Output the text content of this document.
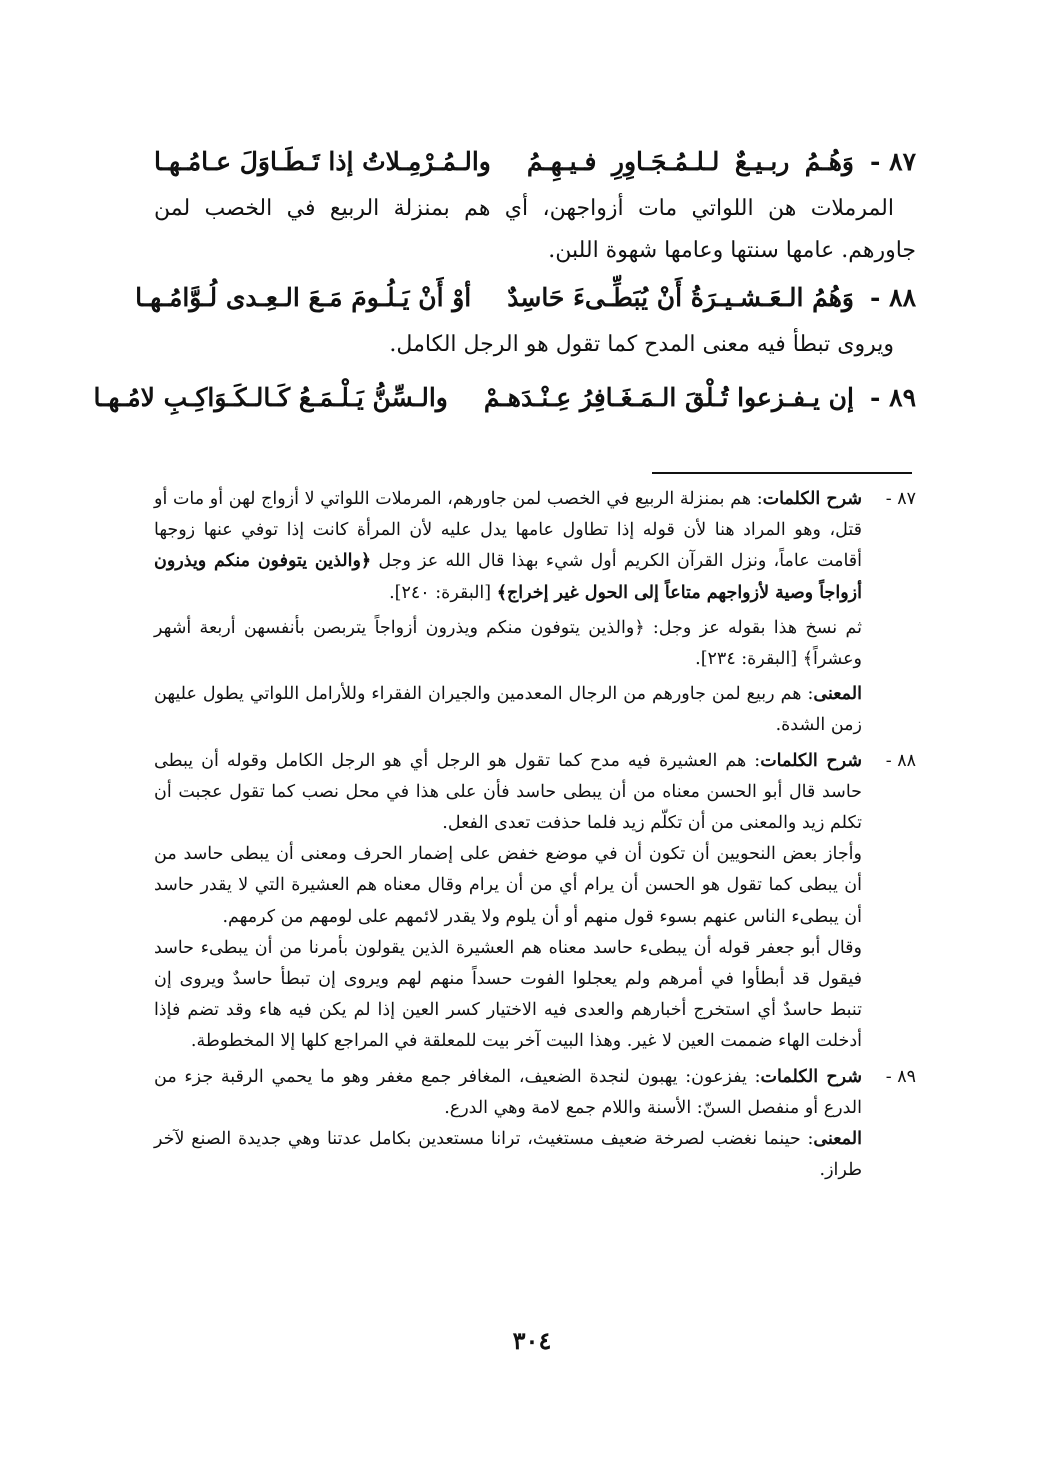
٨٧ -
وَهُـمُ ربـيـعٌ لـلـمُـجَـاوِرِ فـيـهِـمُ
والـمُـرْمِـلاتُ إذا تَـطَـاوَلَ عـامُـهـا
المرملات هن اللواتي مات أزواجهن، أي هم بمنزلة الربيع في الخصب لمن جاورهم. عامها سنتها وعامها شهوة اللبن.
٨٨ -
وَهُمُ الـعَـشـيـرَةُ أَنْ يُبَطِّـىءَ حَاسِدٌ
أوْ أَنْ يَـلُـومَ مَـعَ الـعِـدى لُـوَّامُـهـا
ويروى تبطأ فيه معنى المدح كما تقول هو الرجل الكامل.
٨٩ -
إن يـفـزعوا تُـلْقَ الـمَـغَـافِرُ عِـنْـدَهـمْ
والـسِّنُّ يَـلْـمَـعُ كَـالـكَـوَاكِـبِ لامُـهـا
٨٧ -

شرح الكلمات: هم بمنزلة الربيع في الخصب لمن جاورهم، المرملات اللواتي لا أزواج لهن أو مات أو قتل، وهو المراد هنا لأن قوله إذا تطاول عامها يدل عليه لأن المرأة كانت إذا توفي عنها زوجها أقامت عاماً، ونزل القرآن الكريم أول شيء بهذا قال الله عز وجل ﴿والذين يتوفون منكم ويذرون أزواجاً وصية لأزواجهم متاعاً إلى الحول غير إخراج﴾ [البقرة: ٢٤٠].

ثم نسخ هذا بقوله عز وجل: ﴿والذين يتوفون منكم ويذرون أزواجاً يتربصن بأنفسهن أربعة أشهر وعشراً﴾ [البقرة: ٢٣٤].

المعنى: هم ربيع لمن جاورهم من الرجال المعدمين والجيران الفقراء وللأرامل اللواتي يطول عليهن زمن الشدة.

٨٨ -

شرح الكلمات: هم العشيرة فيه مدح كما تقول هو الرجل أي هو الرجل الكامل وقوله أن يبطى حاسد قال أبو الحسن معناه من أن يبطى حاسد فأن على هذا في محل نصب كما تقول عجبت أن تكلم زيد والمعنى من أن تكلّم زيد فلما حذفت تعدى الفعل.

وأجاز بعض النحويين أن تكون أن في موضع خفض على إضمار الحرف ومعنى أن يبطى حاسد من أن يبطى كما تقول هو الحسن أن يرام أي من أن يرام وقال معناه هم العشيرة التي لا يقدر حاسد أن يبطىء الناس عنهم بسوء قول منهم أو أن يلوم ولا يقدر لائمهم على لومهم من كرمهم.

وقال أبو جعفر قوله أن يبطىء حاسد معناه هم العشيرة الذين يقولون بأمرنا من أن يبطىء حاسد فيقول قد أبطأوا في أمرهم ولم يعجلوا الفوت حسداً منهم لهم ويروى إن تبطأ حاسدٌ ويروى إن تنبط حاسدٌ أي استخرج أخبارهم والعدى فيه الاختيار كسر العين إذا لم يكن فيه هاء وقد تضم فإذا أدخلت الهاء ضممت العين لا غير. وهذا البيت آخر بيت للمعلقة في المراجع كلها إلا المخطوطة.

٨٩ -

شرح الكلمات: يفزعون: يهبون لنجدة الضعيف، المغافر جمع مغفر وهو ما يحمي الرقبة جزء من الدرع أو منفصل السنّ: الأسنة واللام جمع لامة وهي الدرع.

المعنى: حينما نغضب لصرخة ضعيف مستغيث، ترانا مستعدين بكامل عدتنا وهي جديدة الصنع لآخر طراز.

٣٠٤
